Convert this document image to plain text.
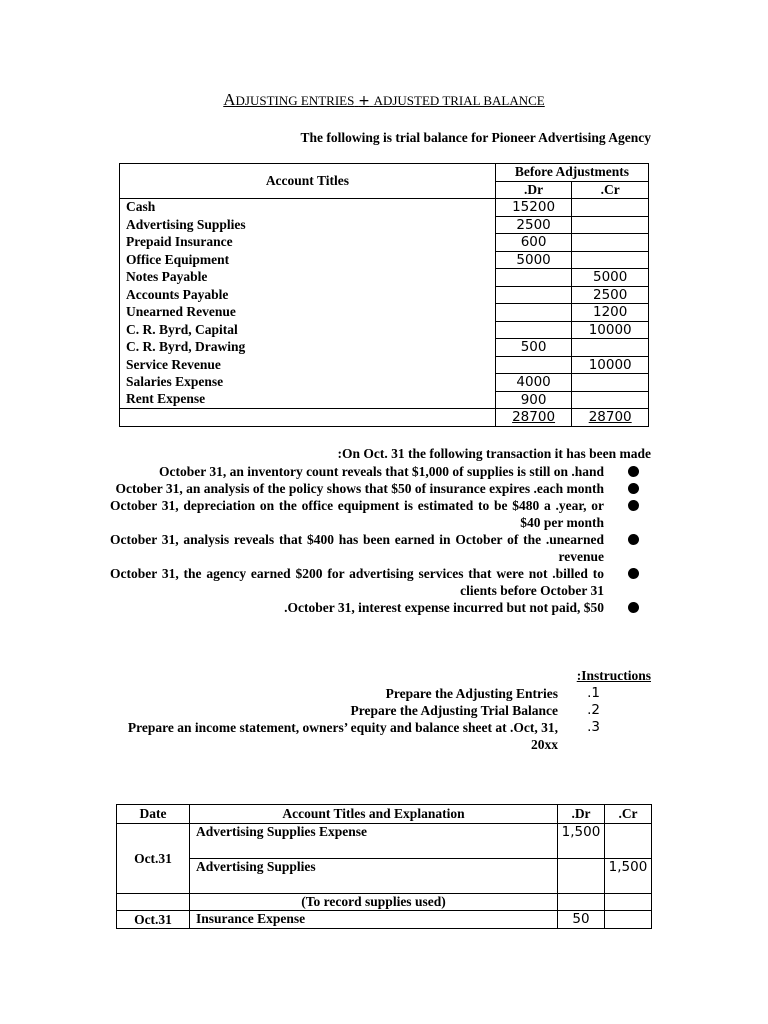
ADJUSTING ENTRIES + ADJUSTED TRIAL BALANCE
The following is trial balance for Pioneer Advertising Agency
Account Titles	Before Adjustments	
	.Dr	.Cr
Cash	15200	
Advertising Supplies	2500	
Prepaid Insurance	600	
Office Equipment	5000	
Notes Payable		5000
Accounts Payable		2500
Unearned Revenue		1200
C. R. Byrd, Capital		10000
C. R. Byrd, Drawing	500	
Service Revenue		10000
Salaries Expense	4000	
Rent Expense	900	
	28700	28700
:On Oct. 31 the following transaction it has been made
October 31, an inventory count reveals that $1,000 of supplies is still on .hand
October 31, an analysis of the policy shows that $50 of insurance expires .each month
October 31, depreciation on the office equipment is estimated to be $480 a .year, or $40 per month
October 31, analysis reveals that $400 has been earned in October of the .unearned revenue
October 31, the agency earned $200 for advertising services that were not .billed to clients before October 31
.October 31, interest expense incurred but not paid, $50
:Instructions
Prepare the Adjusting Entries	.1
Prepare the Adjusting Trial Balance	.2
Prepare an income statement, owners’ equity and balance sheet at .Oct, 31, 20xx
.3
Date	Account Titles and Explanation	.Dr	.Cr
Oct.31	Advertising Supplies Expense	1,500	
	Advertising Supplies		1,500
	(To record supplies used)		
Oct.31	Insurance Expense	50	
